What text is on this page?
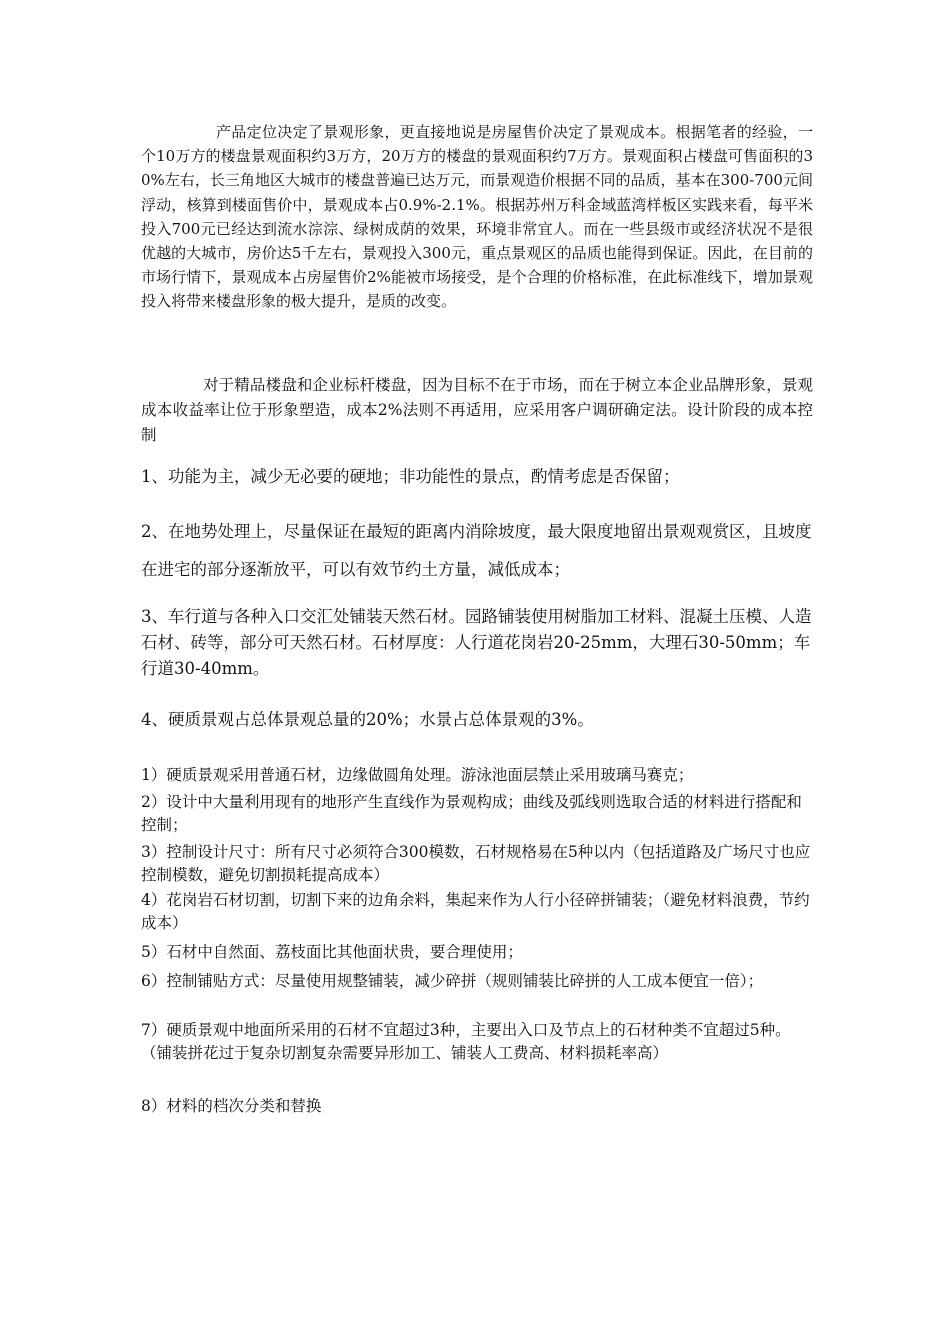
产品定位决定了景观形象，更直接地说是房屋售价决定了景观成本。根据笔者的经验，一个10万方的楼盘景观面积约3万方，20万方的楼盘的景观面积约7万方。景观面积占楼盘可售面积的30%左右，长三角地区大城市的楼盘普遍已达万元，而景观造价根据不同的品质，基本在300-700元间浮动，核算到楼面售价中，景观成本占0.9%-2.1%。根据苏州万科金域蓝湾样板区实践来看，每平米投入700元已经达到流水淙淙、绿树成荫的效果，环境非常宜人。而在一些县级市或经济状况不是很优越的大城市，房价达5千左右，景观投入300元，重点景观区的品质也能得到保证。因此，在目前的市场行情下，景观成本占房屋售价2%能被市场接受，是个合理的价格标准，在此标准线下，增加景观投入将带来楼盘形象的极大提升，是质的改变。

对于精品楼盘和企业标杆楼盘，因为目标不在于市场，而在于树立本企业品牌形象，景观成本收益率让位于形象塑造，成本2%法则不再适用，应采用客户调研确定法。设计阶段的成本控制

1、功能为主，减少无必要的硬地；非功能性的景点，酌情考虑是否保留；

2、在地势处理上，尽量保证在最短的距离内消除坡度，最大限度地留出景观观赏区，且坡度在进宅的部分逐渐放平，可以有效节约土方量，减低成本；

3、车行道与各种入口交汇处铺装天然石材。园路铺装使用树脂加工材料、混凝土压模、人造石材、砖等，部分可天然石材。石材厚度：人行道花岗岩20-25mm，大理石30-50mm；车行道30-40mm。

4、硬质景观占总体景观总量的20%；水景占总体景观的3%。

1）硬质景观采用普通石材，边缘做圆角处理。游泳池面层禁止采用玻璃马赛克；

2）设计中大量利用现有的地形产生直线作为景观构成；曲线及弧线则选取合适的材料进行搭配和控制；

3）控制设计尺寸：所有尺寸必须符合300模数，石材规格易在5种以内（包括道路及广场尺寸也应控制模数，避免切割损耗提高成本）

4）花岗岩石材切割，切割下来的边角余料，集起来作为人行小径碎拼铺装；（避免材料浪费，节约成本）

5）石材中自然面、荔枝面比其他面状贵，要合理使用；

6）控制铺贴方式：尽量使用规整铺装，减少碎拼（规则铺装比碎拼的人工成本便宜一倍）；

7）硬质景观中地面所采用的石材不宜超过3种，主要出入口及节点上的石材种类不宜超过5种。（铺装拼花过于复杂切割复杂需要异形加工、铺装人工费高、材料损耗率高）

8）材料的档次分类和替换
